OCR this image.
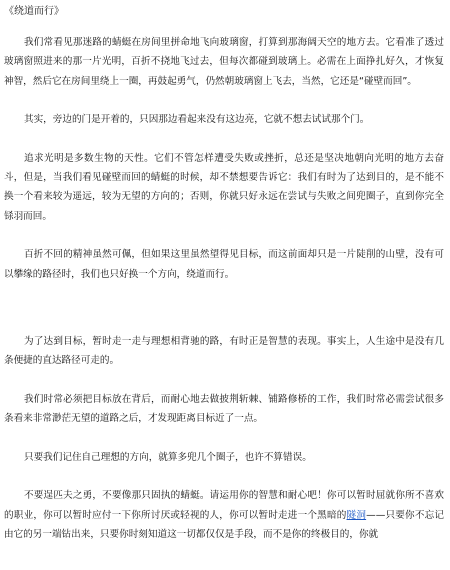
《绕道而行》

我们常看见那迷路的蜻蜓在房间里拼命地飞向玻璃窗，打算到那海阔天空的地方去。它看准了透过玻璃窗照进来的那一片光明，百折不挠地飞过去，但每次都碰到玻璃上。必需在上面挣扎好久，才恢复神智，然后它在房间里绕上一圈，再鼓起勇气，仍然朝玻璃窗上飞去，当然，它还是“碰壁而回”。

其实，旁边的门是开着的，只因那边看起来没有这边亮，它就不想去试试那个门。

追求光明是多数生物的天性。它们不管怎样遭受失败或挫折，总还是坚决地朝向光明的地方去奋斗，但是，当我们看见碰壁而回的蜻蜓的时候，却不禁想要告诉它：我们有时为了达到目的，是不能不换一个看来较为遥远，较为无望的方向的；否则，你就只好永远在尝试与失败之间兜圈子，直到你完全铩羽而回。

百折不回的精神虽然可佩，但如果这里虽然望得见目标，而这前面却只是一片陡削的山壁，没有可以攀缘的路径时，我们也只好换一个方向，绕道而行。

为了达到目标，暂时走一走与理想相背驰的路，有时正是智慧的表现。事实上，人生途中是没有几条便捷的直达路径可走的。

我们时常必须把目标放在背后，而耐心地去做披荆斩棘、铺路修桥的工作，我们时常必需尝试很多条看来非常渺茫无望的道路之后，才发现距离目标近了一点。

只要我们记住自己理想的方向，就算多兜几个圈子，也许不算错误。

不要逞匹夫之勇，不要像那只固执的蜻蜓。请运用你的智慧和耐心吧！你可以暂时屈就你所不喜欢的职业，你可以暂时应付一下你所讨厌或轻视的人，你可以暂时走进一个黑暗的隧洞——只要你不忘记由它的另一端钻出来，只要你时刻知道这一切都仅仅是手段，而不是你的终极目的，你就
